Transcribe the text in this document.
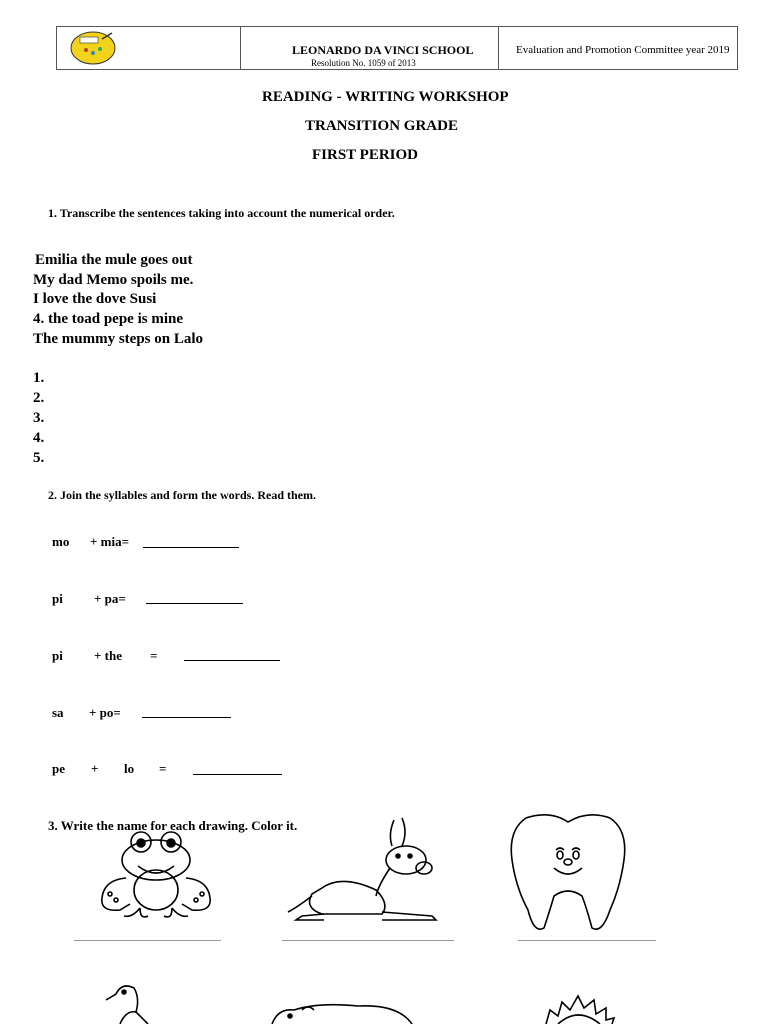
LEONARDO DA VINCI SCHOOL
Resolution No. 1059 of 2013
Evaluation and Promotion Committee year 2019
READING - WRITING WORKSHOP
TRANSITION GRADE
FIRST PERIOD
1. Transcribe the sentences taking into account the numerical order.
Emilia the mule goes out
My dad Memo spoils me.
I love the dove Susi
4. the toad pepe is mine
The mummy steps on Lalo
1.
2.
3.
4.
5.
2. Join the syllables and form the words. Read them.
mo + mia=
pi + pa=
pi + the =
sa + po=
pe + lo =
3. Write the name for each drawing. Color it.
